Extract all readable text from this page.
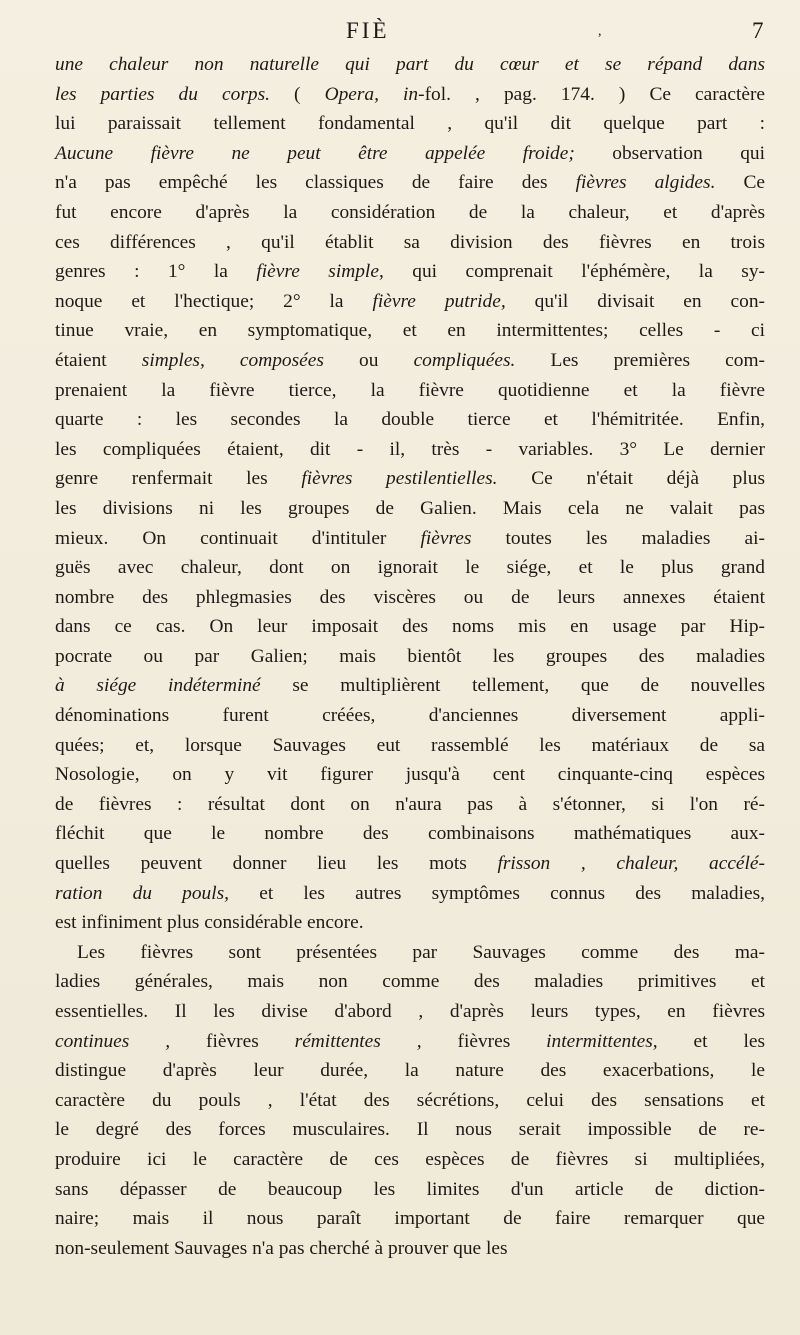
FIÈ	,	7
une chaleur non naturelle qui part du cœur et se répand dans
les parties du corps. ( Opera, in-fol. , pag. 174. ) Ce caractère
lui paraissait tellement fondamental , qu'il dit quelque part :
Aucune fièvre ne peut être appelée froide; observation qui
n'a pas empêché les classiques de faire des fièvres algides. Ce
fut encore d'après la considération de la chaleur, et d'après
ces différences , qu'il établit sa division des fièvres en trois
genres : 1° la fièvre simple, qui comprenait l'éphémère, la sy-
noque et l'hectique; 2° la fièvre putride, qu'il divisait en con-
tinue vraie, en symptomatique, et en intermittentes; celles - ci
étaient simples, composées ou compliquées. Les premières com-
prenaient la fièvre tierce, la fièvre quotidienne et la fièvre
quarte : les secondes la double tierce et l'hémitritée. Enfin,
les compliquées étaient, dit - il, très - variables. 3° Le dernier
genre renfermait les fièvres pestilentielles. Ce n'était déjà plus
les divisions ni les groupes de Galien. Mais cela ne valait pas
mieux. On continuait d'intituler fièvres toutes les maladies ai-
guës avec chaleur, dont on ignorait le siége, et le plus grand
nombre des phlegmasies des viscères ou de leurs annexes étaient
dans ce cas. On leur imposait des noms mis en usage par Hip-
pocrate ou par Galien; mais bientôt les groupes des maladies
à siége indéterminé se multiplièrent tellement, que de nouvelles
dénominations furent créées, d'anciennes diversement appli-
quées; et, lorsque Sauvages eut rassemblé les matériaux de sa
Nosologie, on y vit figurer jusqu'à cent cinquante-cinq espèces
de fièvres : résultat dont on n'aura pas à s'étonner, si l'on ré-
fléchit que le nombre des combinaisons mathématiques aux-
quelles peuvent donner lieu les mots frisson , chaleur, accélé-
ration du pouls, et les autres symptômes connus des maladies,
est infiniment plus considérable encore.
Les fièvres sont présentées par Sauvages comme des ma-
ladies générales, mais non comme des maladies primitives et
essentielles. Il les divise d'abord , d'après leurs types, en fièvres
continues , fièvres rémittentes , fièvres intermittentes, et les
distingue d'après leur durée, la nature des exacerbations, le
caractère du pouls , l'état des sécrétions, celui des sensations et
le degré des forces musculaires. Il nous serait impossible de re-
produire ici le caractère de ces espèces de fièvres si multipliées,
sans dépasser de beaucoup les limites d'un article de diction-
naire; mais il nous paraît important de faire remarquer que
non-seulement Sauvages n'a pas cherché à prouver que les
